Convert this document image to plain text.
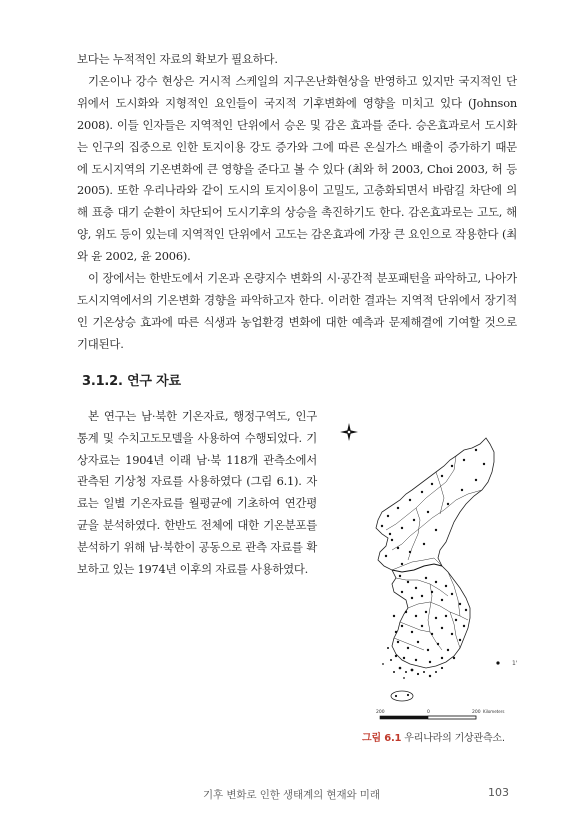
보다는 누적적인 자료의 확보가 필요하다.

기온이나 강수 현상은 거시적 스케일의 지구온난화현상을 반영하고 있지만 국지적인 단위에서 도시화와 지형적인 요인들이 국지적 기후변화에 영향을 미치고 있다 (Johnson 2008). 이들 인자들은 지역적인 단위에서 승온 및 감온 효과를 준다. 승온효과로서 도시화는 인구의 집중으로 인한 토지이용 강도 증가와 그에 따른 온실가스 배출이 증가하기 때문에 도시지역의 기온변화에 큰 영향을 준다고 볼 수 있다 (최와 허 2003, Choi 2003, 허 등 2005). 또한 우리나라와 같이 도시의 토지이용이 고밀도, 고층화되면서 바람길 차단에 의해 표층 대기 순환이 차단되어 도시기후의 상승을 촉진하기도 한다. 감온효과로는 고도, 해양, 위도 등이 있는데 지역적인 단위에서 고도는 감온효과에 가장 큰 요인으로 작용한다 (최와 윤 2002, 윤 2006).

이 장에서는 한반도에서 기온과 온량지수 변화의 시·공간적 분포패턴을 파악하고, 나아가 도시지역에서의 기온변화 경향을 파악하고자 한다. 이러한 결과는 지역적 단위에서 장기적인 기온상승 효과에 따른 식생과 농업환경 변화에 대한 예측과 문제해결에 기여할 것으로 기대된다.

3.1.2. 연구 자료

본 연구는 남·북한 기온자료, 행정구역도, 인구통계 및 수치고도모델을 사용하여 수행되었다. 기상자료는 1904년 이래 남·북 118개 관측소에서 관측된 기상청 자료를 사용하였다 (그림 6.1). 자료는 일별 기온자료를 월평균에 기초하여 연간평균을 분석하였다. 한반도 전체에 대한 기온분포를 분석하기 위해 남·북한이 공동으로 관측 자료를 확보하고 있는 1974년 이후의 자료를 사용하였다.

1'
200	0	200 Kilometers
그림 6.1 우리나라의 기상관측소.
기후 변화로 인한 생태계의 현재와 미래	103
